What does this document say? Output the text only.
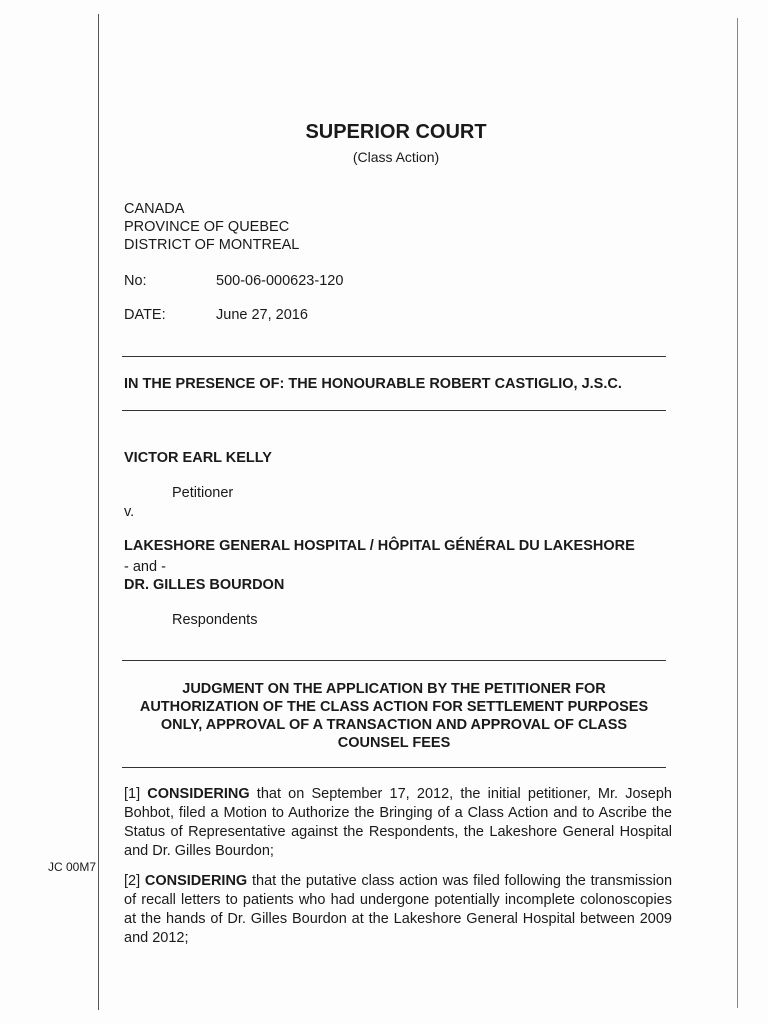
JC 00M7
SUPERIOR COURT
(Class Action)
CANADA
PROVINCE OF QUEBEC
DISTRICT OF MONTREAL
No:	500-06-000623-120
DATE:	June 27, 2016
IN THE PRESENCE OF: THE HONOURABLE ROBERT CASTIGLIO, J.S.C.
VICTOR EARL KELLY
Petitioner
v.
LAKESHORE GENERAL HOSPITAL / HÔPITAL GÉNÉRAL DU LAKESHORE
- and -
DR. GILLES BOURDON
Respondents
JUDGMENT ON THE APPLICATION BY THE PETITIONER FOR
AUTHORIZATION OF THE CLASS ACTION FOR SETTLEMENT PURPOSES
ONLY, APPROVAL OF A TRANSACTION AND APPROVAL OF CLASS
COUNSEL FEES
[1] CONSIDERING that on September 17, 2012, the initial petitioner, Mr. Joseph Bohbot, filed a Motion to Authorize the Bringing of a Class Action and to Ascribe the Status of Representative against the Respondents, the Lakeshore General Hospital and Dr. Gilles Bourdon;
[2] CONSIDERING that the putative class action was filed following the transmission of recall letters to patients who had undergone potentially incomplete colonoscopies at the hands of Dr. Gilles Bourdon at the Lakeshore General Hospital between 2009 and 2012;
